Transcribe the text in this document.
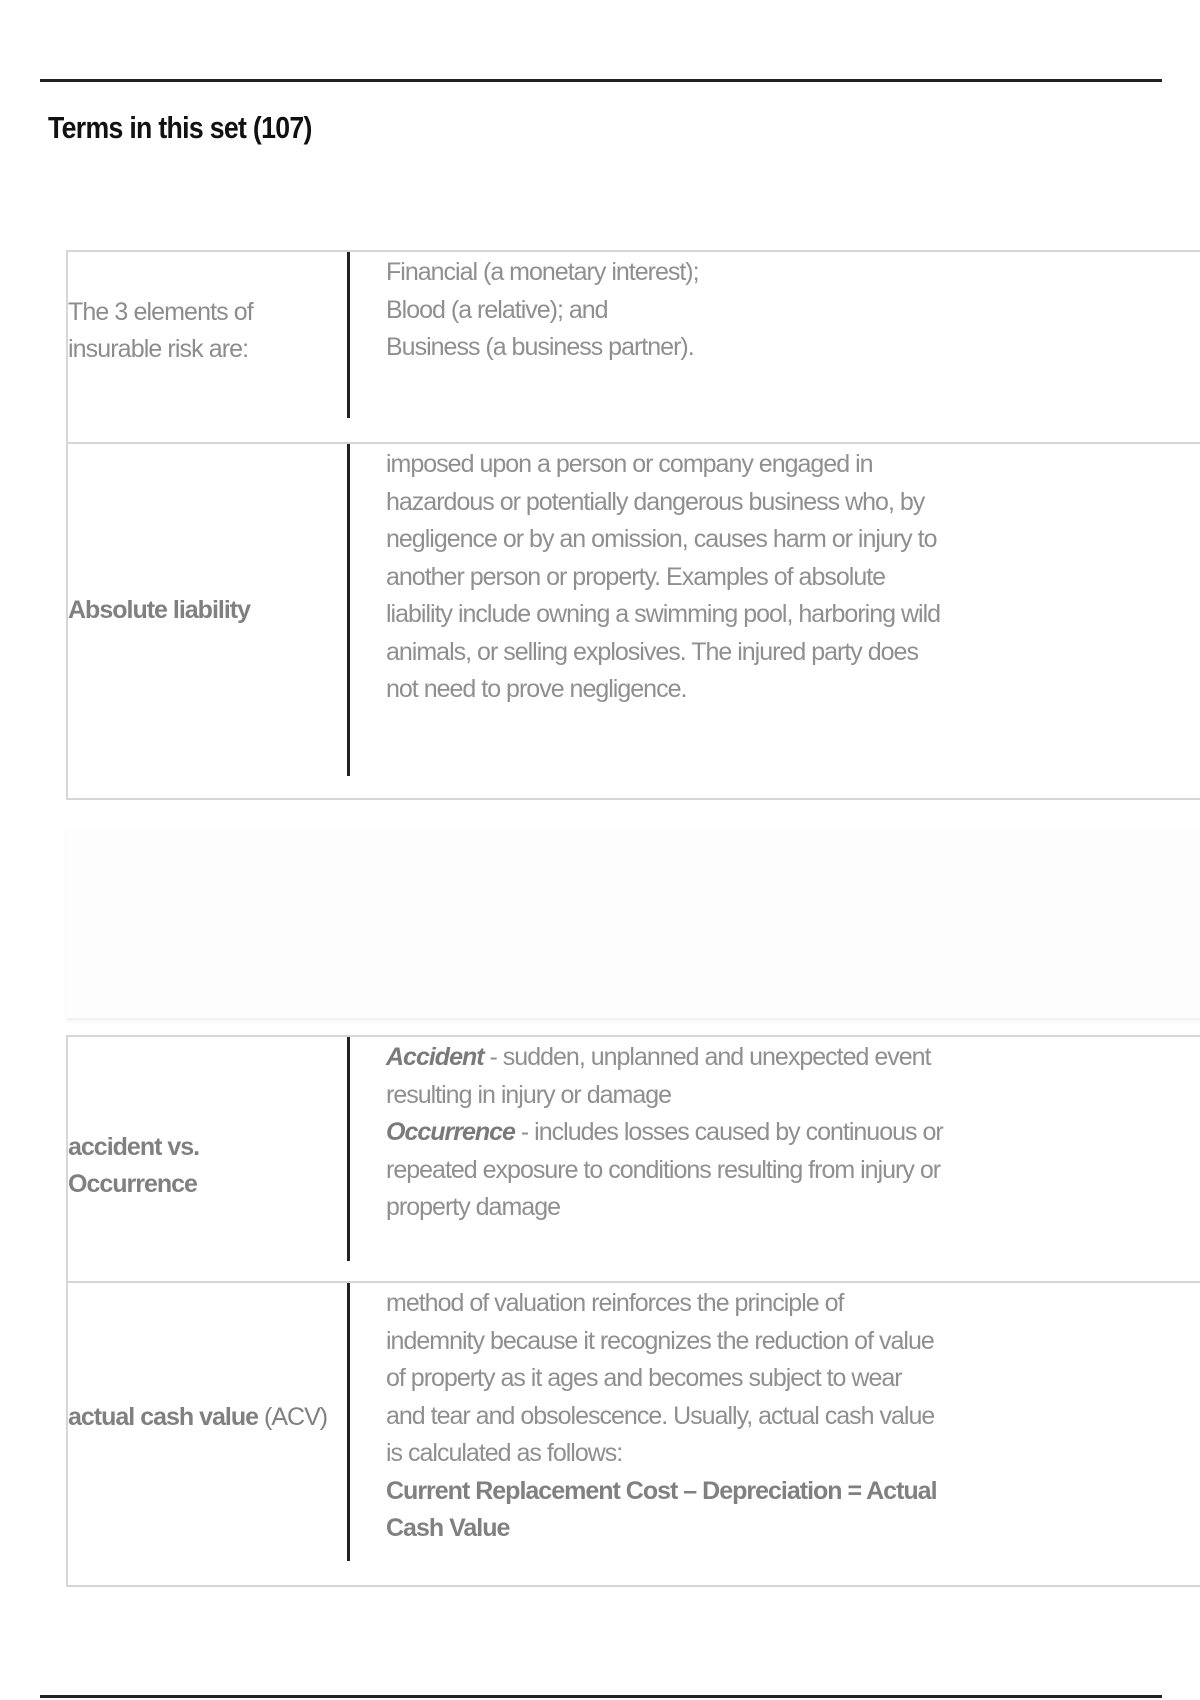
Terms in this set (107)
The 3 elements of insurable risk are:

Financial (a monetary interest);

Blood (a relative); and

Business (a business partner).

Absolute liability

imposed upon a person or company engaged in hazardous or potentially dangerous business who, by negligence or by an omission, causes harm or injury to another person or property. Examples of absolute liability include owning a swimming pool, harboring wild animals, or selling explosives. The injured party does not need to prove negligence.

accident vs. Occurrence

Accident - sudden, unplanned and unexpected event resulting in injury or damage

Occurrence - includes losses caused by continuous or repeated exposure to conditions resulting from injury or property damage

actual cash value (ACV)

method of valuation reinforces the principle of indemnity because it recognizes the reduction of value of property as it ages and becomes subject to wear and tear and obsolescence. Usually, actual cash value is calculated as follows:

Current Replacement Cost – Depreciation = Actual Cash Value
